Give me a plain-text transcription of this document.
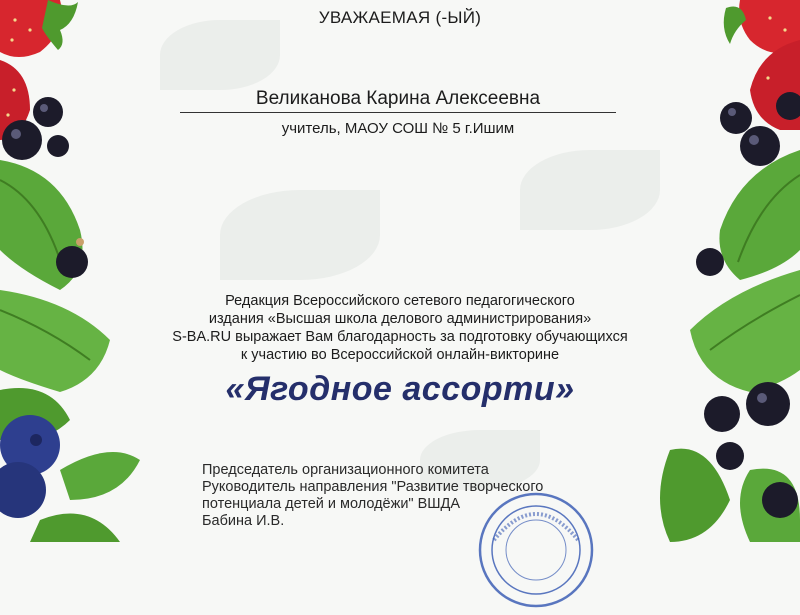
УВАЖАЕМАЯ (-ЫЙ)
Великанова Карина Алексеевна
учитель, МАОУ СОШ № 5 г.Ишим
Редакция Всероссийского сетевого педагогического
издания «Высшая школа делового администрирования»
S-BA.RU выражает Вам благодарность за подготовку обучающихся
к участию во Всероссийской онлайн-викторине
«Ягодное ассорти»
Председатель организационного комитета
Руководитель направления "Развитие творческого
потенциала детей и молодёжи" ВШДА
Бабина И.В.
